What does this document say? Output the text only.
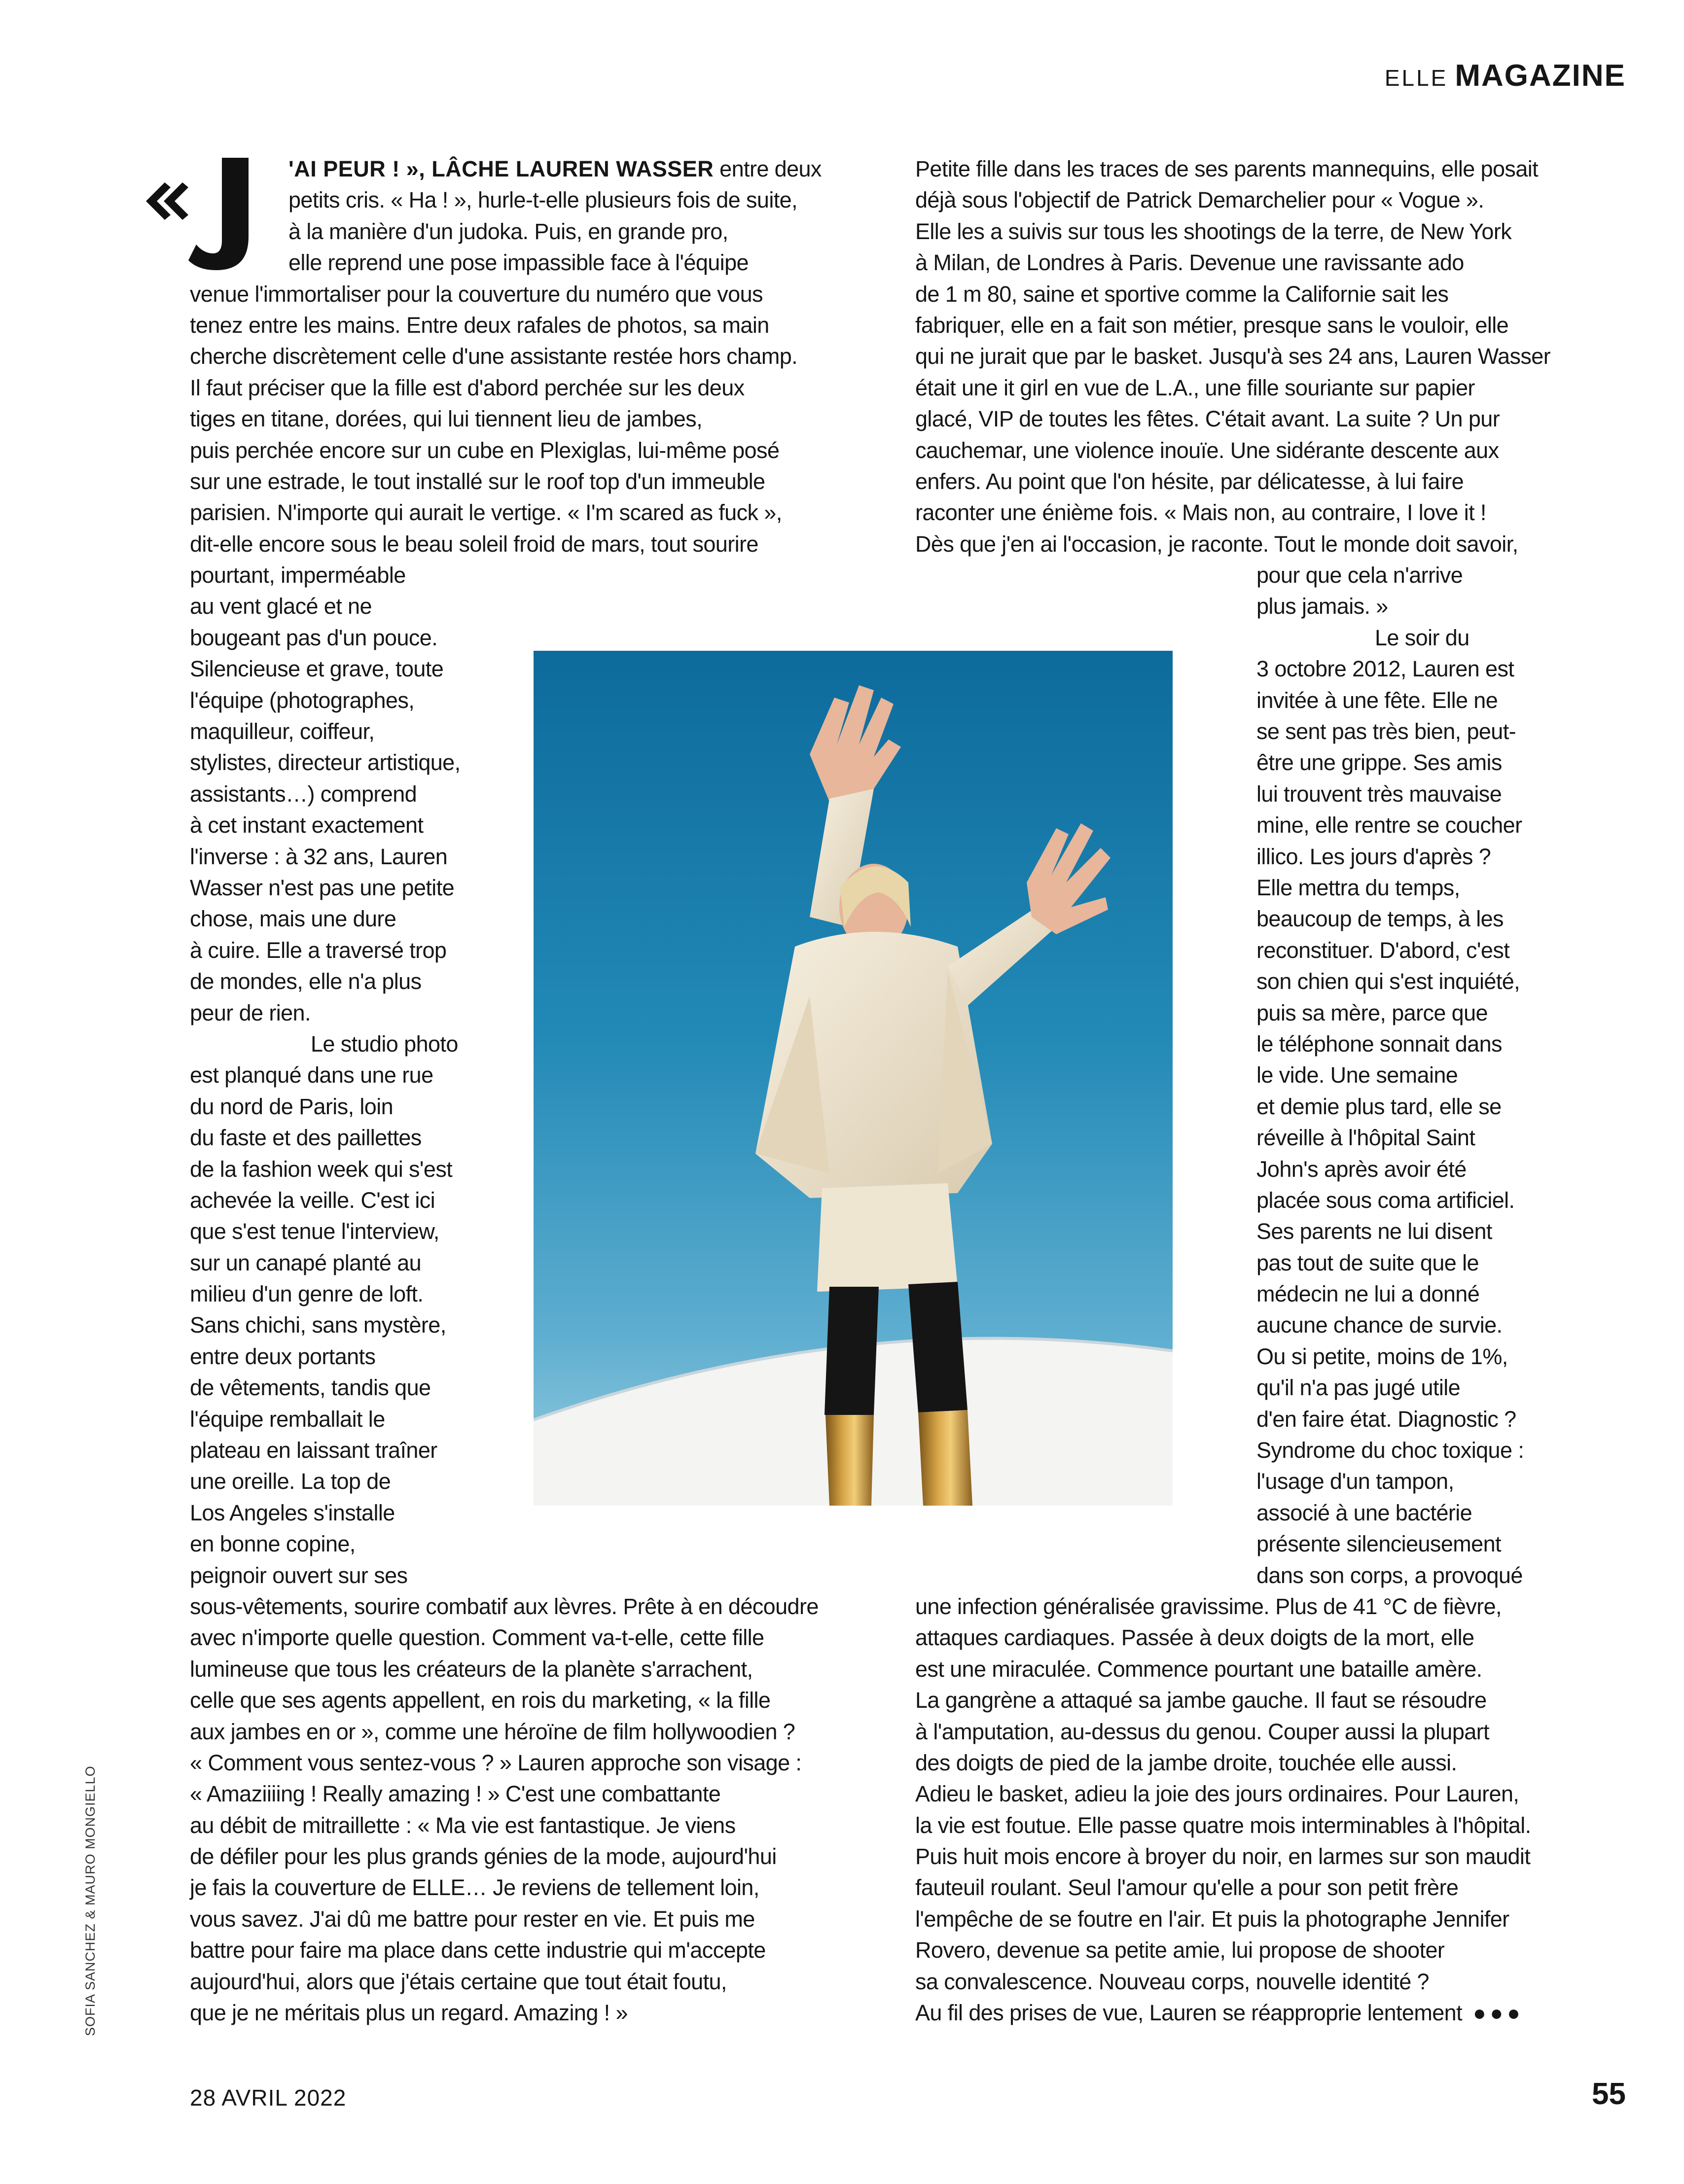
ELLE MAGAZINE
'AI PEUR ! », LÂCHE LAUREN WASSER entre deux
petits cris. « Ha ! », hurle-t-elle plusieurs fois de suite,
à la manière d'un judoka. Puis, en grande pro,
elle reprend une pose impassible face à l'équipe
venue l'immortaliser pour la couverture du numéro que vous
tenez entre les mains. Entre deux rafales de photos, sa main
cherche discrètement celle d'une assistante restée hors champ.
Il faut préciser que la fille est d'abord perchée sur les deux
tiges en titane, dorées, qui lui tiennent lieu de jambes,
puis perchée encore sur un cube en Plexiglas, lui-même posé
sur une estrade, le tout installé sur le roof top d'un immeuble
parisien. N'importe qui aurait le vertige. « I'm scared as fuck »,
dit-elle encore sous le beau soleil froid de mars, tout sourire
pourtant, imperméable
au vent glacé et ne
bougeant pas d'un pouce.
Silencieuse et grave, toute
l'équipe (photographes,
maquilleur, coiffeur,
stylistes, directeur artistique,
assistants…) comprend
à cet instant exactement
l'inverse : à 32 ans, Lauren
Wasser n'est pas une petite
chose, mais une dure
à cuire. Elle a traversé trop
de mondes, elle n'a plus
peur de rien.
Le studio photo
est planqué dans une rue
du nord de Paris, loin
du faste et des paillettes
de la fashion week qui s'est
achevée la veille. C'est ici
que s'est tenue l'interview,
sur un canapé planté au
milieu d'un genre de loft.
Sans chichi, sans mystère,
entre deux portants
de vêtements, tandis que
l'équipe remballait le
plateau en laissant traîner
une oreille. La top de
Los Angeles s'installe
en bonne copine,
peignoir ouvert sur ses
sous-vêtements, sourire combatif aux lèvres. Prête à en découdre
avec n'importe quelle question. Comment va-t-elle, cette fille
lumineuse que tous les créateurs de la planète s'arrachent,
celle que ses agents appellent, en rois du marketing, « la fille
aux jambes en or », comme une héroïne de film hollywoodien ?
« Comment vous sentez-vous ? » Lauren approche son visage :
« Amaziiiing ! Really amazing ! » C'est une combattante
au débit de mitraillette : « Ma vie est fantastique. Je viens
de défiler pour les plus grands génies de la mode, aujourd'hui
je fais la couverture de ELLE… Je reviens de tellement loin,
vous savez. J'ai dû me battre pour rester en vie. Et puis me
battre pour faire ma place dans cette industrie qui m'accepte
aujourd'hui, alors que j'étais certaine que tout était foutu,
que je ne méritais plus un regard. Amazing ! »
Petite fille dans les traces de ses parents mannequins, elle posait
déjà sous l'objectif de Patrick Demarchelier pour « Vogue ».
Elle les a suivis sur tous les shootings de la terre, de New York
à Milan, de Londres à Paris. Devenue une ravissante ado
de 1 m 80, saine et sportive comme la Californie sait les
fabriquer, elle en a fait son métier, presque sans le vouloir, elle
qui ne jurait que par le basket. Jusqu'à ses 24 ans, Lauren Wasser
était une it girl en vue de L.A., une fille souriante sur papier
glacé, VIP de toutes les fêtes. C'était avant. La suite ? Un pur
cauchemar, une violence inouïe. Une sidérante descente aux
enfers. Au point que l'on hésite, par délicatesse, à lui faire
raconter une énième fois. « Mais non, au contraire, I love it !
Dès que j'en ai l'occasion, je raconte. Tout le monde doit savoir,
pour que cela n'arrive
plus jamais. »
Le soir du
3 octobre 2012, Lauren est
invitée à une fête. Elle ne
se sent pas très bien, peut-
être une grippe. Ses amis
lui trouvent très mauvaise
mine, elle rentre se coucher
illico. Les jours d'après ?
Elle mettra du temps,
beaucoup de temps, à les
reconstituer. D'abord, c'est
son chien qui s'est inquiété,
puis sa mère, parce que
le téléphone sonnait dans
le vide. Une semaine
et demie plus tard, elle se
réveille à l'hôpital Saint
John's après avoir été
placée sous coma artificiel.
Ses parents ne lui disent
pas tout de suite que le
médecin ne lui a donné
aucune chance de survie.
Ou si petite, moins de 1%,
qu'il n'a pas jugé utile
d'en faire état. Diagnostic ?
Syndrome du choc toxique :
l'usage d'un tampon,
associé à une bactérie
présente silencieusement
dans son corps, a provoqué
une infection généralisée gravissime. Plus de 41 °C de fièvre,
attaques cardiaques. Passée à deux doigts de la mort, elle
est une miraculée. Commence pourtant une bataille amère.
La gangrène a attaqué sa jambe gauche. Il faut se résoudre
à l'amputation, au-dessus du genou. Couper aussi la plupart
des doigts de pied de la jambe droite, touchée elle aussi.
Adieu le basket, adieu la joie des jours ordinaires. Pour Lauren,
la vie est foutue. Elle passe quatre mois interminables à l'hôpital.
Puis huit mois encore à broyer du noir, en larmes sur son maudit
fauteuil roulant. Seul l'amour qu'elle a pour son petit frère
l'empêche de se foutre en l'air. Et puis la photographe Jennifer
Rovero, devenue sa petite amie, lui propose de shooter
sa convalescence. Nouveau corps, nouvelle identité ?
Au fil des prises de vue, Lauren se réapproprie lentement ●●●
SOFIA SANCHEZ & MAURO MONGIELLO
28 AVRIL 2022	55
